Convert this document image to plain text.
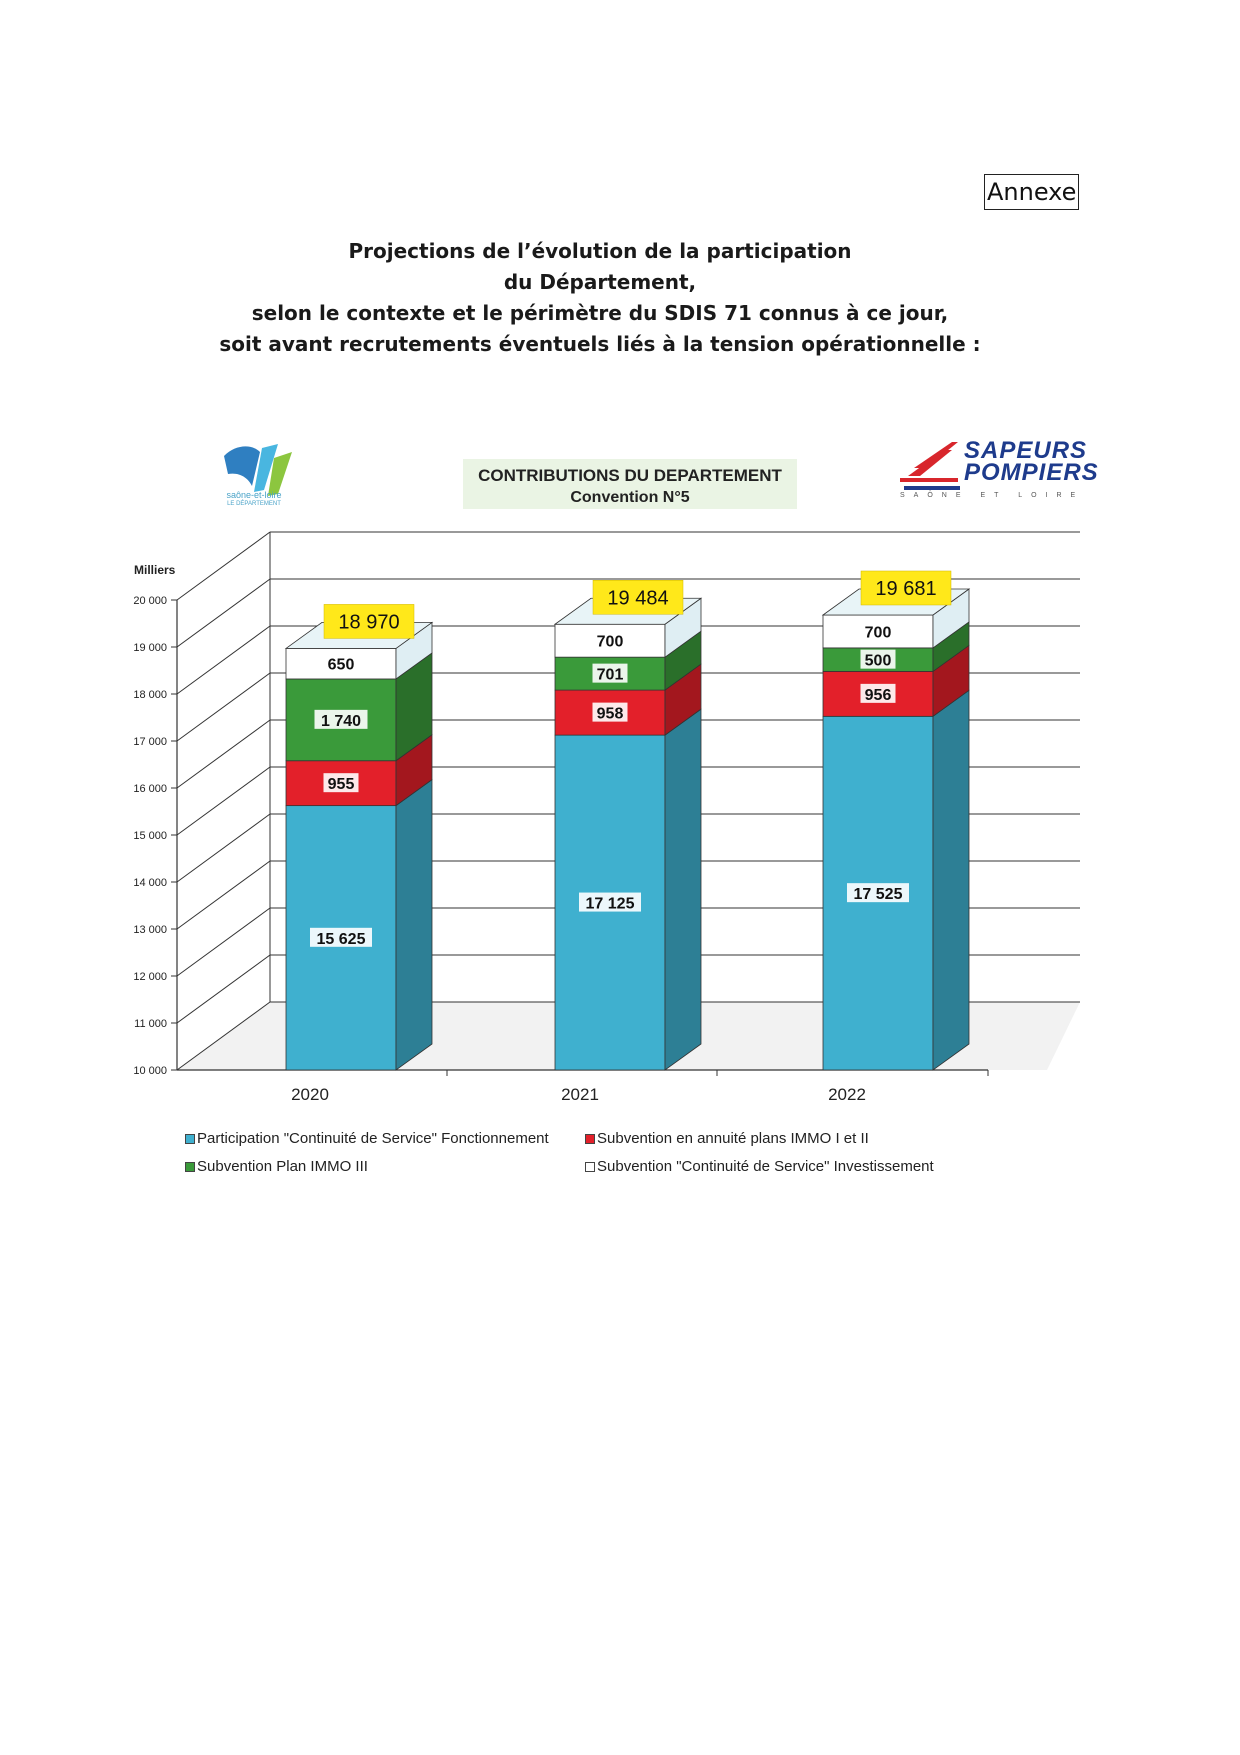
Annexe
Projections de l’évolution de la participation
du Département,
selon le contexte et le périmètre du SDIS 71 connus à ce jour,
soit avant recrutements éventuels liés à la tension opérationnelle :
saône-et-loire
LE DÉPARTEMENT
SAPEURS
POMPIERS
SAÔNE ET LOIRE
10 000
11 000
12 000
13 000
14 000
15 000
16 000
17 000
18 000
19 000
20 000
2020	2021	2022
15 625
955
1 740
650
18 970
17 125
958
701
700
19 484
17 525
956
500
700
19 681
CONTRIBUTIONS DU DEPARTEMENT
Convention N°5
Milliers
Participation "Continuité de Service" Fonctionnement	Subvention en annuité plans IMMO I et II
Subvention Plan IMMO III	Subvention "Continuité de Service" Investissement
